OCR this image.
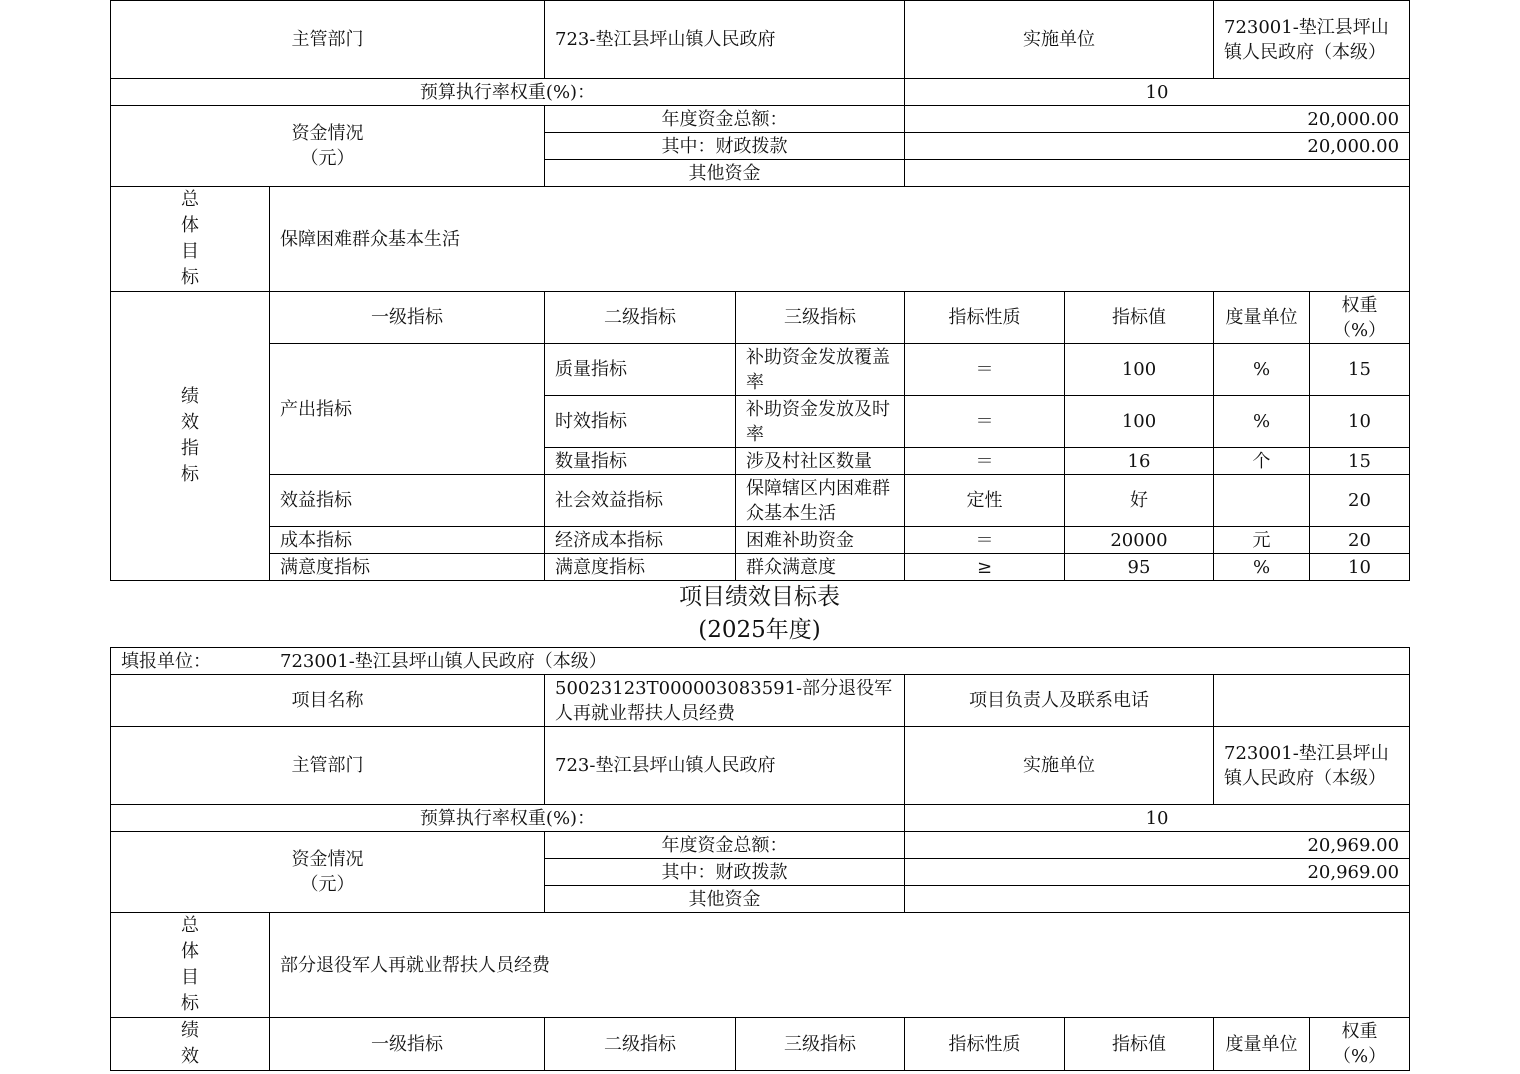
主管部门		723-垫江县坪山镇人民政府		实施单位		723001-垫江县坪山镇人民政府（本级）	
预算执行率权重(%)：				10			

资金情况（元）		年度资金总额：		20,000.00			
		其中：财政拨款		20,000.00			
		其他资金					
总体目标	保障困难群众基本生活						
绩效指标	一级指标	二级指标	三级指标	指标性质	指标值	度量单位	权重（%）
	产出指标	质量指标	补助资金发放覆盖率	＝	100	%	15
		时效指标	补助资金发放及时率	＝	100	%	10
		数量指标	涉及村社区数量	＝	16	个	15
	效益指标	社会效益指标	保障辖区内困难群众基本生活	定性	好		20
	成本指标	经济成本指标	困难补助资金	＝	20000	元	20
	满意度指标	满意度指标	群众满意度	≥	95	%	10
项目绩效目标表
(2025年度)
填报单位： 723001-垫江县坪山镇人民政府（本级）							
项目名称		50023123T000003083591-部分退役军人再就业帮扶人员经费		项目负责人及联系电话			
主管部门		723-垫江县坪山镇人民政府		实施单位		723001-垫江县坪山镇人民政府（本级）	
预算执行率权重(%)：				10			

资金情况（元）		年度资金总额：		20,969.00			
		其中：财政拨款		20,969.00			
		其他资金					
总体目标	部分退役军人再就业帮扶人员经费						
绩效	一级指标	二级指标	三级指标	指标性质	指标值	度量单位	权重（%）
